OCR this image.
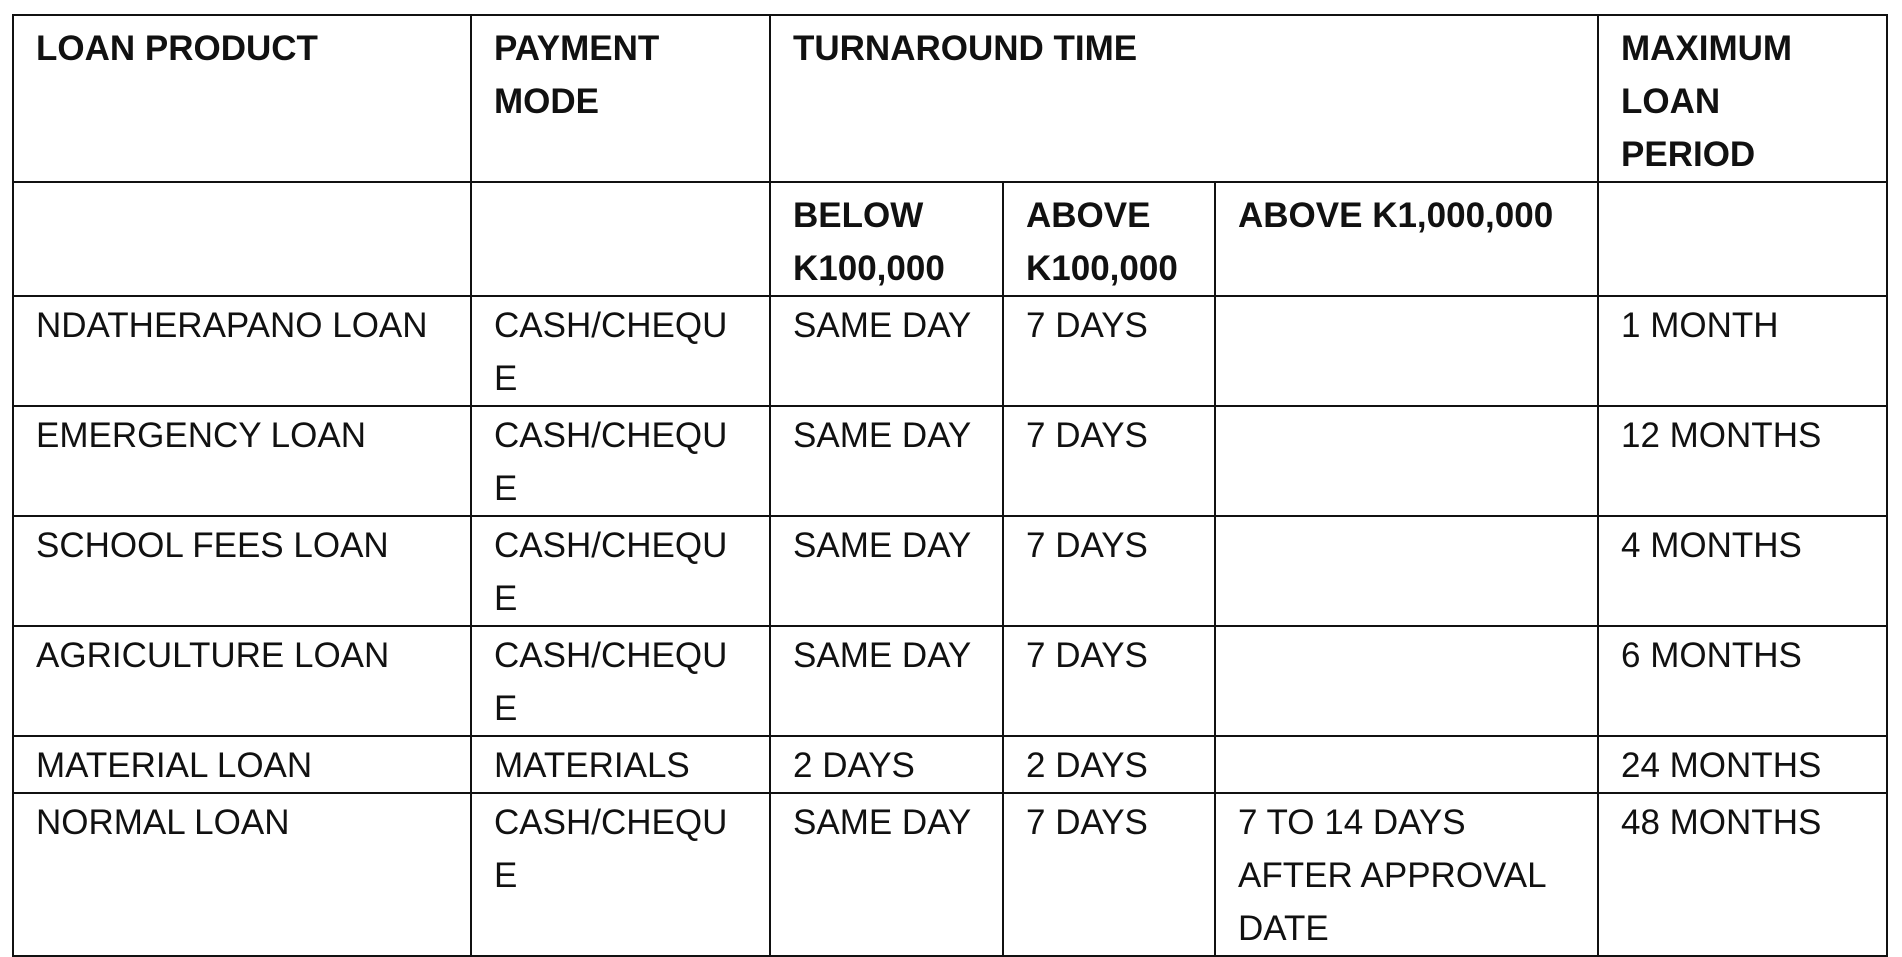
LOAN PRODUCT	PAYMENT MODE	TURNAROUND TIME			MAXIMUM LOAN PERIOD
		BELOW K100,000	ABOVE K100,000	ABOVE K1,000,000	
NDATHERAPANO LOAN	CASH/CHEQUE	SAME DAY	7 DAYS		1 MONTH
EMERGENCY LOAN	CASH/CHEQUE	SAME DAY	7 DAYS		12 MONTHS
SCHOOL FEES LOAN	CASH/CHEQUE	SAME DAY	7 DAYS		4 MONTHS
AGRICULTURE LOAN	CASH/CHEQUE	SAME DAY	7 DAYS		6 MONTHS
MATERIAL LOAN	MATERIALS	2 DAYS	2 DAYS		24 MONTHS
NORMAL LOAN	CASH/CHEQUE	SAME DAY	7 DAYS	7 TO 14 DAYS AFTER APPROVAL DATE	48 MONTHS
